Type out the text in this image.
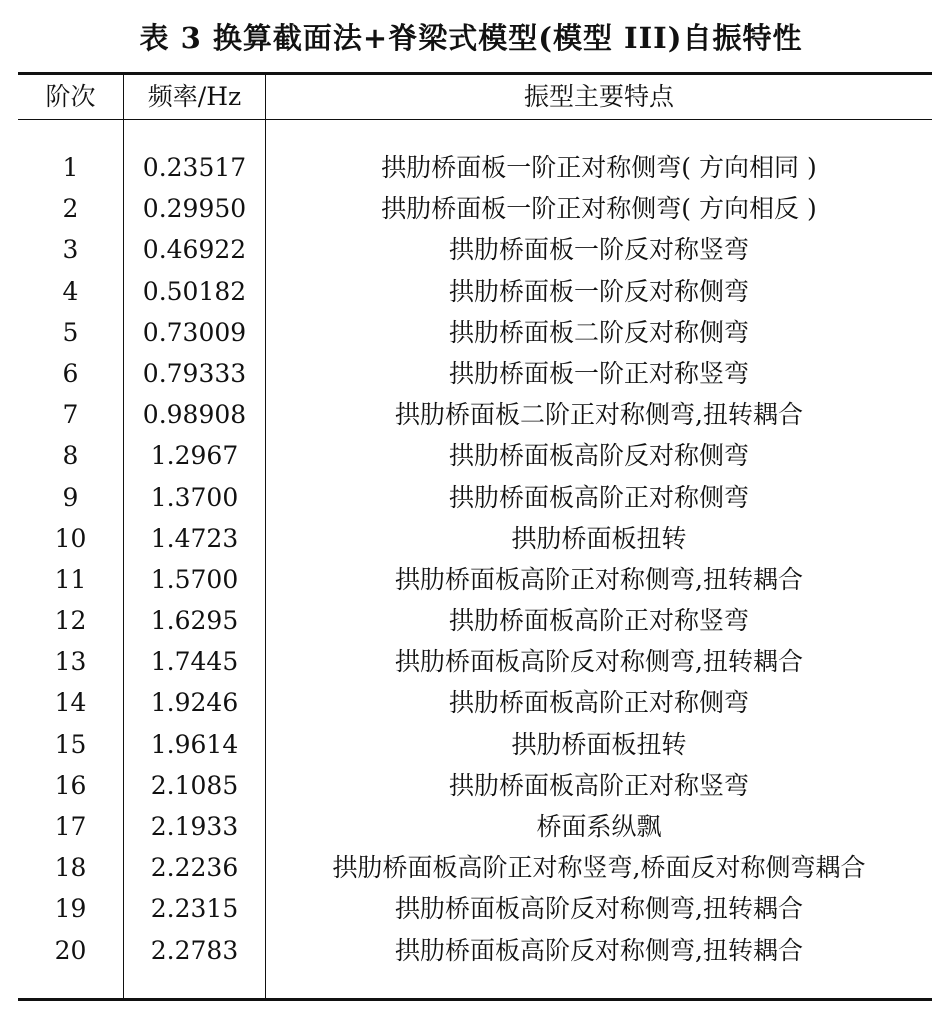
表 3 换算截面法+脊梁式模型(模型 III)自振特性
阶次	频率/Hz	振型主要特点
1	0.23517	拱肋桥面板一阶正对称侧弯( 方向相同 )
2	0.29950	拱肋桥面板一阶正对称侧弯( 方向相反 )
3	0.46922	拱肋桥面板一阶反对称竖弯
4	0.50182	拱肋桥面板一阶反对称侧弯
5	0.73009	拱肋桥面板二阶反对称侧弯
6	0.79333	拱肋桥面板一阶正对称竖弯
7	0.98908	拱肋桥面板二阶正对称侧弯,扭转耦合
8	1.2967	拱肋桥面板高阶反对称侧弯
9	1.3700	拱肋桥面板高阶正对称侧弯
10	1.4723	拱肋桥面板扭转
11	1.5700	拱肋桥面板高阶正对称侧弯,扭转耦合
12	1.6295	拱肋桥面板高阶正对称竖弯
13	1.7445	拱肋桥面板高阶反对称侧弯,扭转耦合
14	1.9246	拱肋桥面板高阶正对称侧弯
15	1.9614	拱肋桥面板扭转
16	2.1085	拱肋桥面板高阶正对称竖弯
17	2.1933	桥面系纵飘
18	2.2236	拱肋桥面板高阶正对称竖弯,桥面反对称侧弯耦合
19	2.2315	拱肋桥面板高阶反对称侧弯,扭转耦合
20	2.2783	拱肋桥面板高阶反对称侧弯,扭转耦合
